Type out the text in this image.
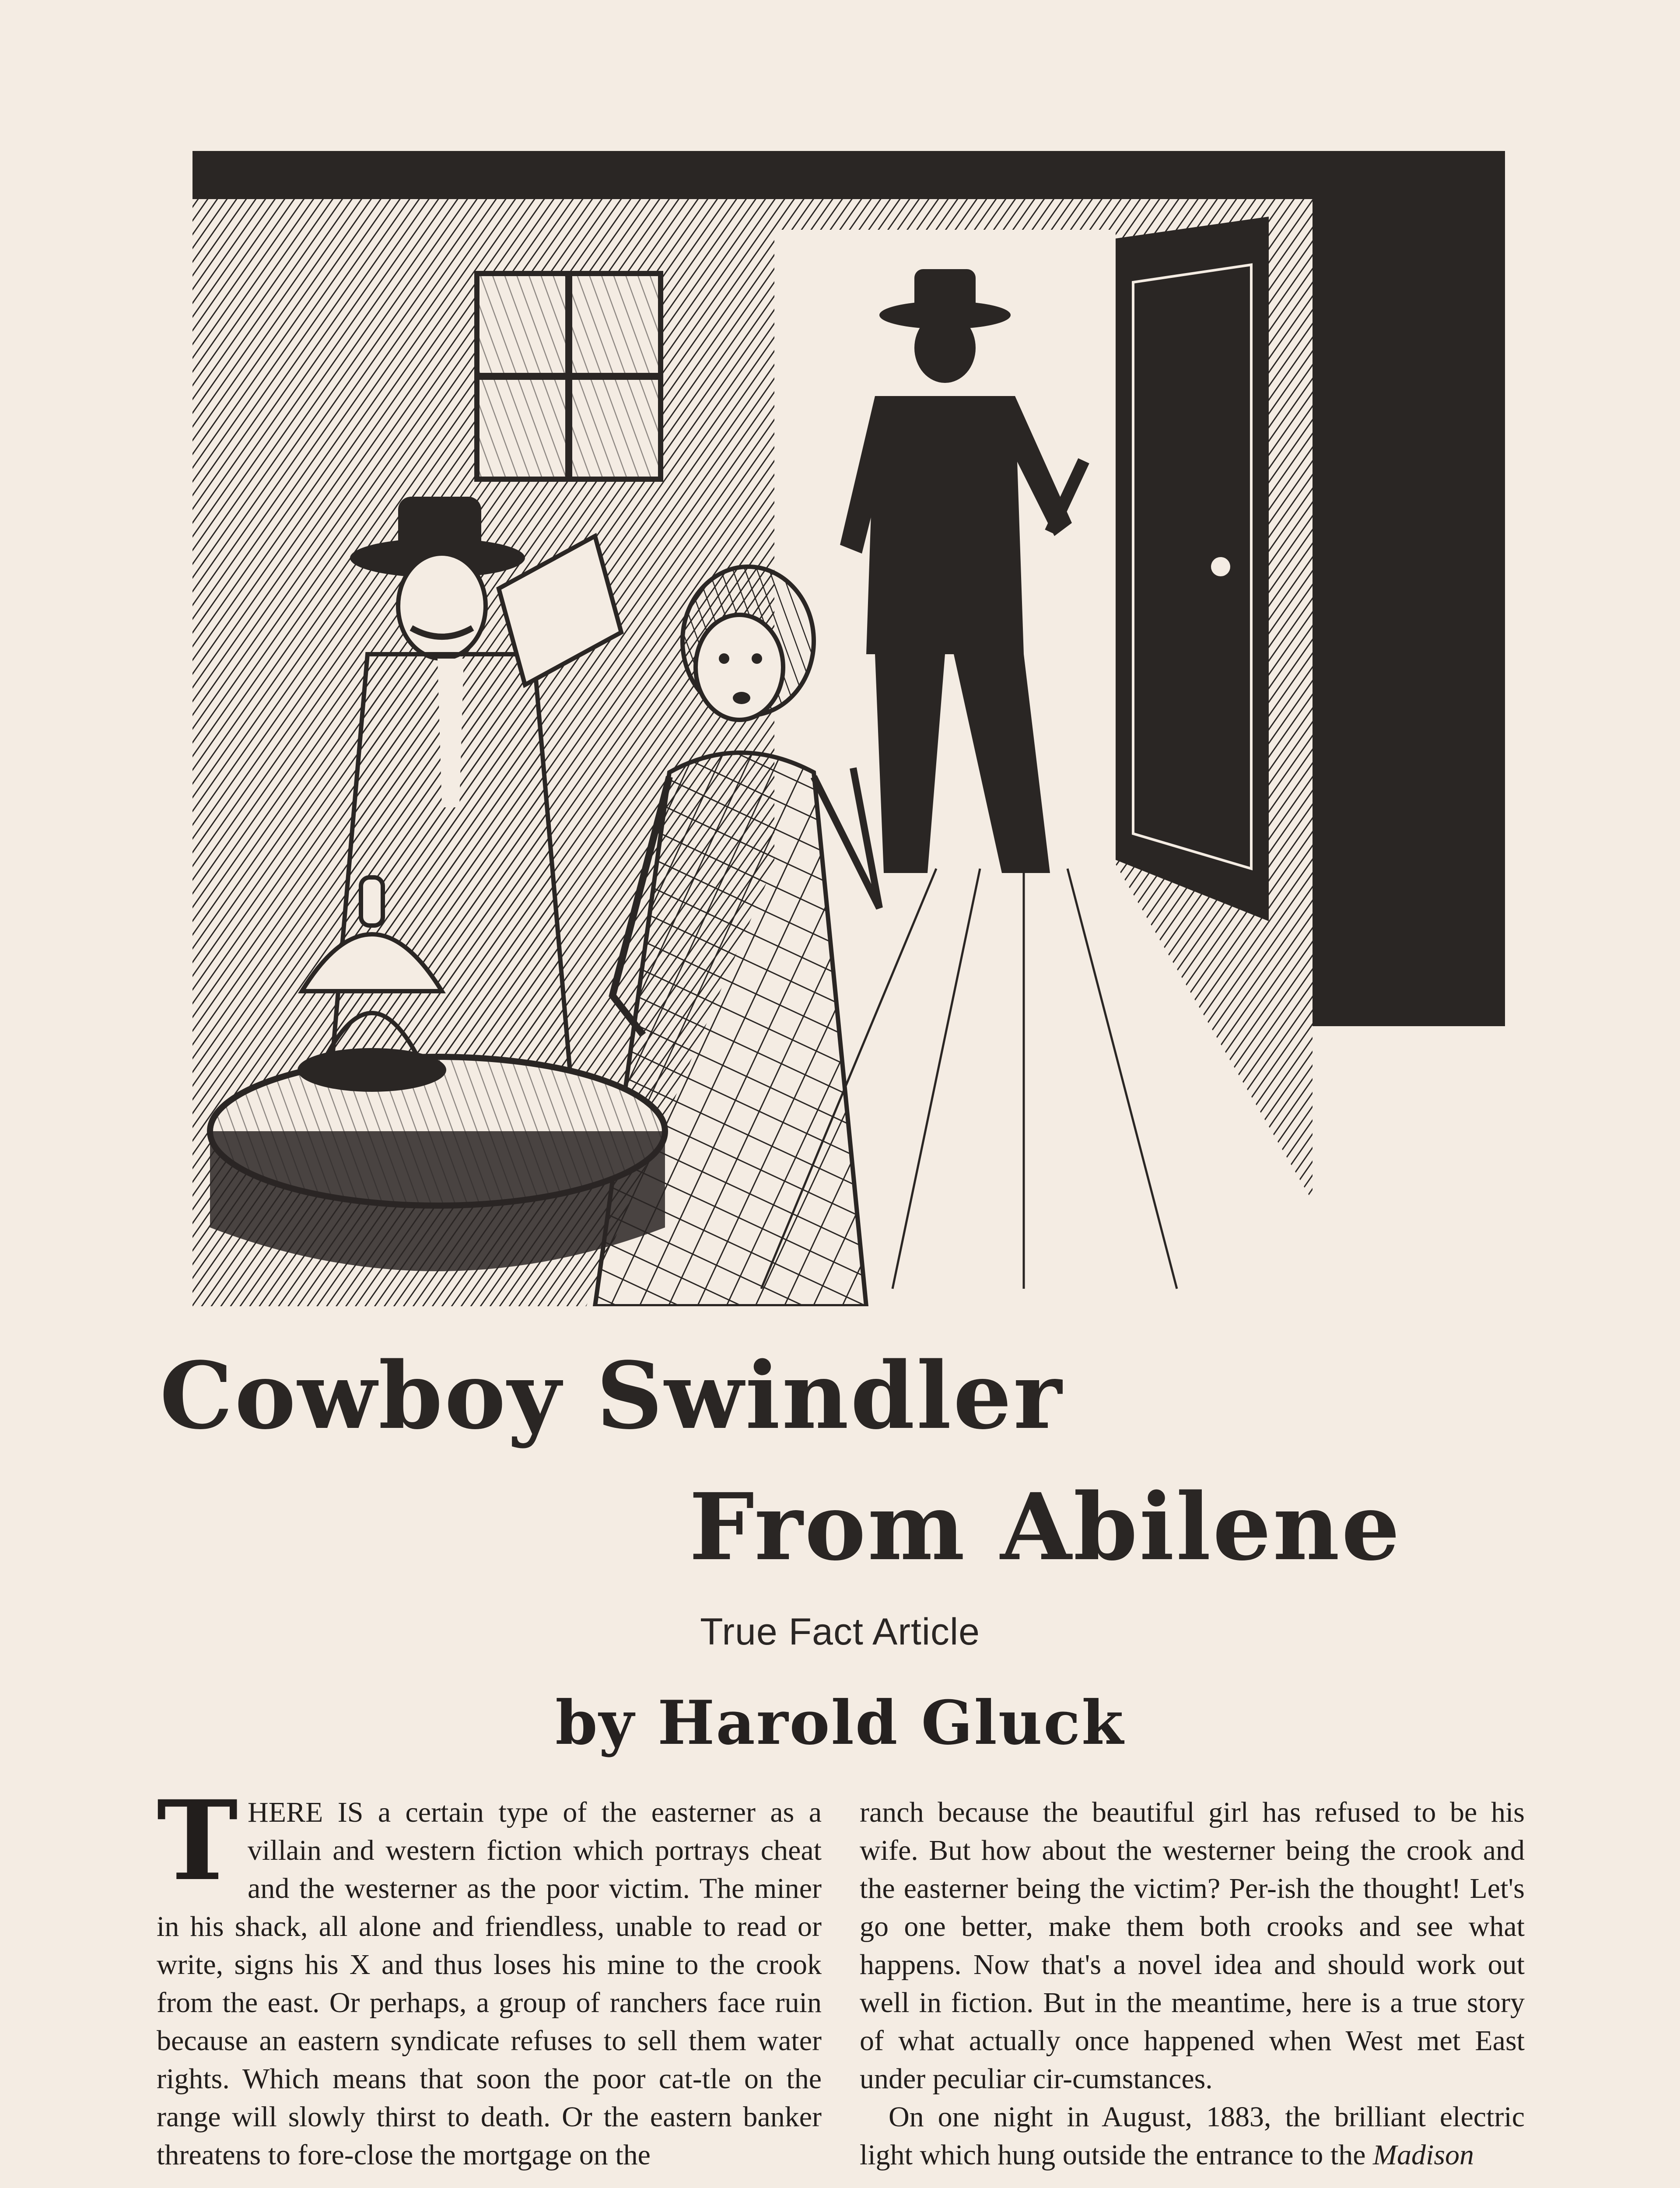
Cowboy Swindler
From Abilene
True Fact Article
by Harold Gluck

THERE IS a certain type of the easterner as a villain and western fiction which portrays cheat and the westerner as the poor victim. The miner in his shack, all alone and friendless, unable to read or write, signs his X and thus loses his mine to the crook from the east. Or perhaps, a group of ranchers face ruin because an eastern syndicate refuses to sell them water rights. Which means that soon the poor cat-tle on the range will slowly thirst to death. Or the eastern banker threatens to fore-close the mortgage on the

ranch because the beautiful girl has refused to be his wife. But how about the westerner being the crook and the easterner being the victim? Per-ish the thought! Let's go one better, make them both crooks and see what happens. Now that's a novel idea and should work out well in fiction. But in the meantime, here is a true story of what actually once happened when West met East under peculiar cir-cumstances.

On one night in August, 1883, the brilliant electric light which hung outside the entrance to the Madison
